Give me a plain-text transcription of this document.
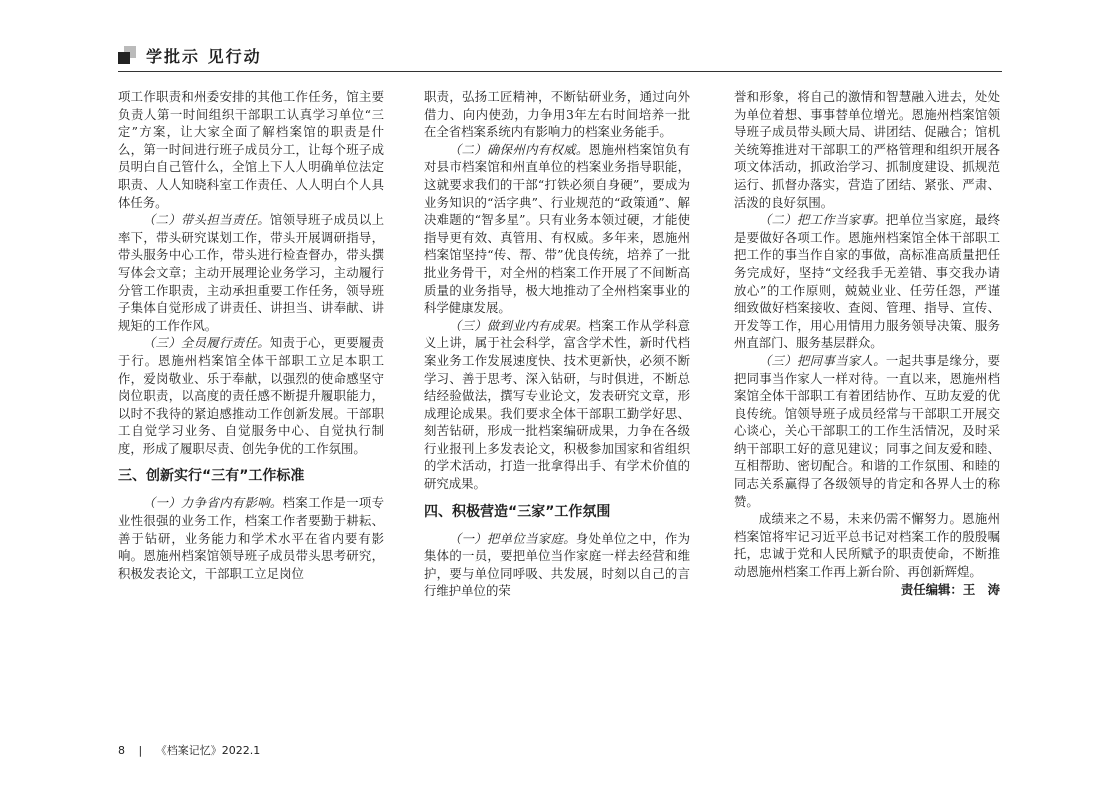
学批示 见行动

项工作职责和州委安排的其他工作任务，馆主要负责人第一时间组织干部职工认真学习单位“三定”方案，让大家全面了解档案馆的职责是什么，第一时间进行班子成员分工，让每个班子成员明白自己管什么，全馆上下人人明确单位法定职责、人人知晓科室工作责任、人人明白个人具体任务。

（二）带头担当责任。馆领导班子成员以上率下，带头研究谋划工作，带头开展调研指导，带头服务中心工作，带头进行检查督办，带头撰写体会文章；主动开展理论业务学习，主动履行分管工作职责，主动承担重要工作任务，领导班子集体自觉形成了讲责任、讲担当、讲奉献、讲规矩的工作作风。

（三）全员履行责任。知责于心，更要履责于行。恩施州档案馆全体干部职工立足本职工作，爱岗敬业、乐于奉献，以强烈的使命感坚守岗位职责，以高度的责任感不断提升履职能力，以时不我待的紧迫感推动工作创新发展。干部职工自觉学习业务、自觉服务中心、自觉执行制度，形成了履职尽责、创先争优的工作氛围。

三、创新实行“三有”工作标准

（一）力争省内有影响。档案工作是一项专业性很强的业务工作，档案工作者要勤于耕耘、善于钻研，业务能力和学术水平在省内要有影响。恩施州档案馆领导班子成员带头思考研究，积极发表论文，干部职工立足岗位

职责，弘扬工匠精神，不断钻研业务，通过向外借力、向内使劲，力争用3年左右时间培养一批在全省档案系统内有影响力的档案业务能手。

（二）确保州内有权威。恩施州档案馆负有对县市档案馆和州直单位的档案业务指导职能，这就要求我们的干部“打铁必须自身硬”，要成为业务知识的“活字典”、行业规范的“政策通”、解决难题的“智多星”。只有业务本领过硬，才能使指导更有效、真管用、有权威。多年来，恩施州档案馆坚持“传、帮、带”优良传统，培养了一批批业务骨干，对全州的档案工作开展了不间断高质量的业务指导，极大地推动了全州档案事业的科学健康发展。

（三）做到业内有成果。档案工作从学科意义上讲，属于社会科学，富含学术性，新时代档案业务工作发展速度快、技术更新快，必须不断学习、善于思考、深入钻研，与时俱进，不断总结经验做法，撰写专业论文，发表研究文章，形成理论成果。我们要求全体干部职工勤学好思、刻苦钻研，形成一批档案编研成果，力争在各级行业报刊上多发表论文，积极参加国家和省组织的学术活动，打造一批拿得出手、有学术价值的研究成果。

四、积极营造“三家”工作氛围

（一）把单位当家庭。身处单位之中，作为集体的一员，要把单位当作家庭一样去经营和维护，要与单位同呼吸、共发展，时刻以自己的言行维护单位的荣

誉和形象，将自己的激情和智慧融入进去，处处为单位着想、事事替单位增光。恩施州档案馆领导班子成员带头顾大局、讲团结、促融合；馆机关统筹推进对干部职工的严格管理和组织开展各项文体活动，抓政治学习、抓制度建设、抓规范运行、抓督办落实，营造了团结、紧张、严肃、活泼的良好氛围。

（二）把工作当家事。把单位当家庭，最终是要做好各项工作。恩施州档案馆全体干部职工把工作的事当作自家的事做，高标准高质量把任务完成好，坚持“文经我手无差错、事交我办请放心”的工作原则，兢兢业业、任劳任怨，严谨细致做好档案接收、查阅、管理、指导、宣传、开发等工作，用心用情用力服务领导决策、服务州直部门、服务基层群众。

（三）把同事当家人。一起共事是缘分，要把同事当作家人一样对待。一直以来，恩施州档案馆全体干部职工有着团结协作、互助友爱的优良传统。馆领导班子成员经常与干部职工开展交心谈心，关心干部职工的工作生活情况，及时采纳干部职工好的意见建议；同事之间友爱和睦、互相帮助、密切配合。和谐的工作氛围、和睦的同志关系赢得了各级领导的肯定和各界人士的称赞。

成绩来之不易，未来仍需不懈努力。恩施州档案馆将牢记习近平总书记对档案工作的殷殷嘱托，忠诚于党和人民所赋予的职责使命，不断推动恩施州档案工作再上新台阶、再创新辉煌。

责任编辑：王　涛
8 | 《档案记忆》2022.1
